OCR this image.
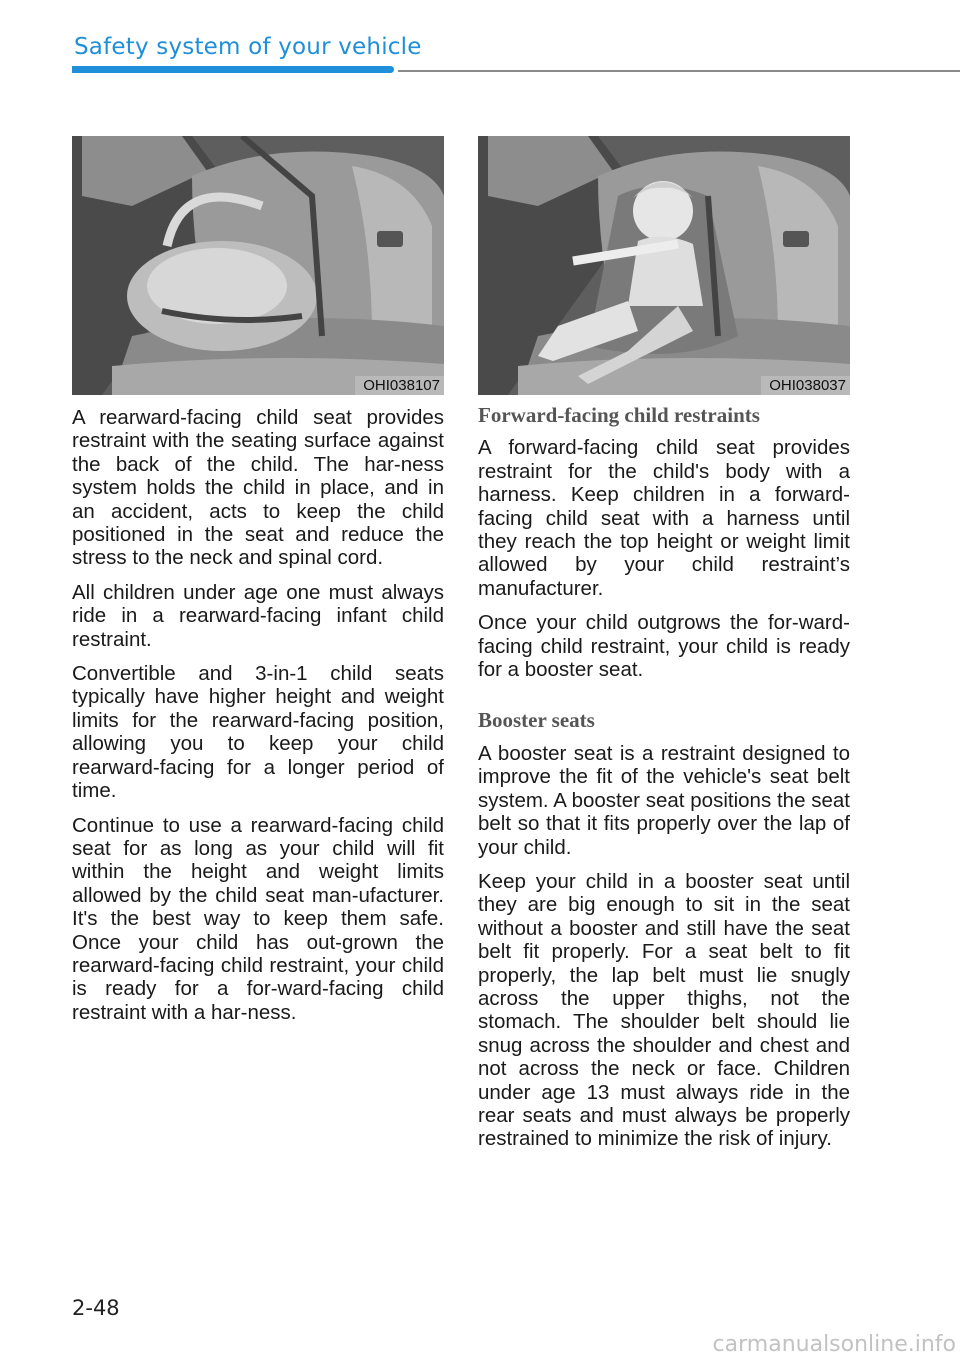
Safety system of your vehicle
OHI038107	OHI038037

A rearward-facing child seat provides restraint with the seating surface against the back of the child. The har-ness system holds the child in place, and in an accident, acts to keep the child positioned in the seat and reduce the stress to the neck and spinal cord.

All children under age one must always ride in a rearward-facing infant child restraint.

Convertible and 3-in-1 child seats typically have higher height and weight limits for the rearward-facing position, allowing you to keep your child rearward-facing for a longer period of time.

Continue to use a rearward-facing child seat for as long as your child will fit within the height and weight limits allowed by the child seat man-ufacturer. It's the best way to keep them safe. Once your child has out-grown the rearward-facing child restraint, your child is ready for a for-ward-facing child restraint with a har-ness.

Forward-facing child restraints

A forward-facing child seat provides restraint for the child's body with a harness. Keep children in a forward-facing child seat with a harness until they reach the top height or weight limit allowed by your child restraint’s manufacturer.

Once your child outgrows the for-ward-facing child restraint, your child is ready for a booster seat.

Booster seats

A booster seat is a restraint designed to improve the fit of the vehicle's seat belt system. A booster seat positions the seat belt so that it fits properly over the lap of your child.

Keep your child in a booster seat until they are big enough to sit in the seat without a booster and still have the seat belt fit properly. For a seat belt to fit properly, the lap belt must lie snugly across the upper thighs, not the stomach. The shoulder belt should lie snug across the shoulder and chest and not across the neck or face. Children under age 13 must always ride in the rear seats and must always be properly restrained to minimize the risk of injury.

2-48
carmanualsonline.info
